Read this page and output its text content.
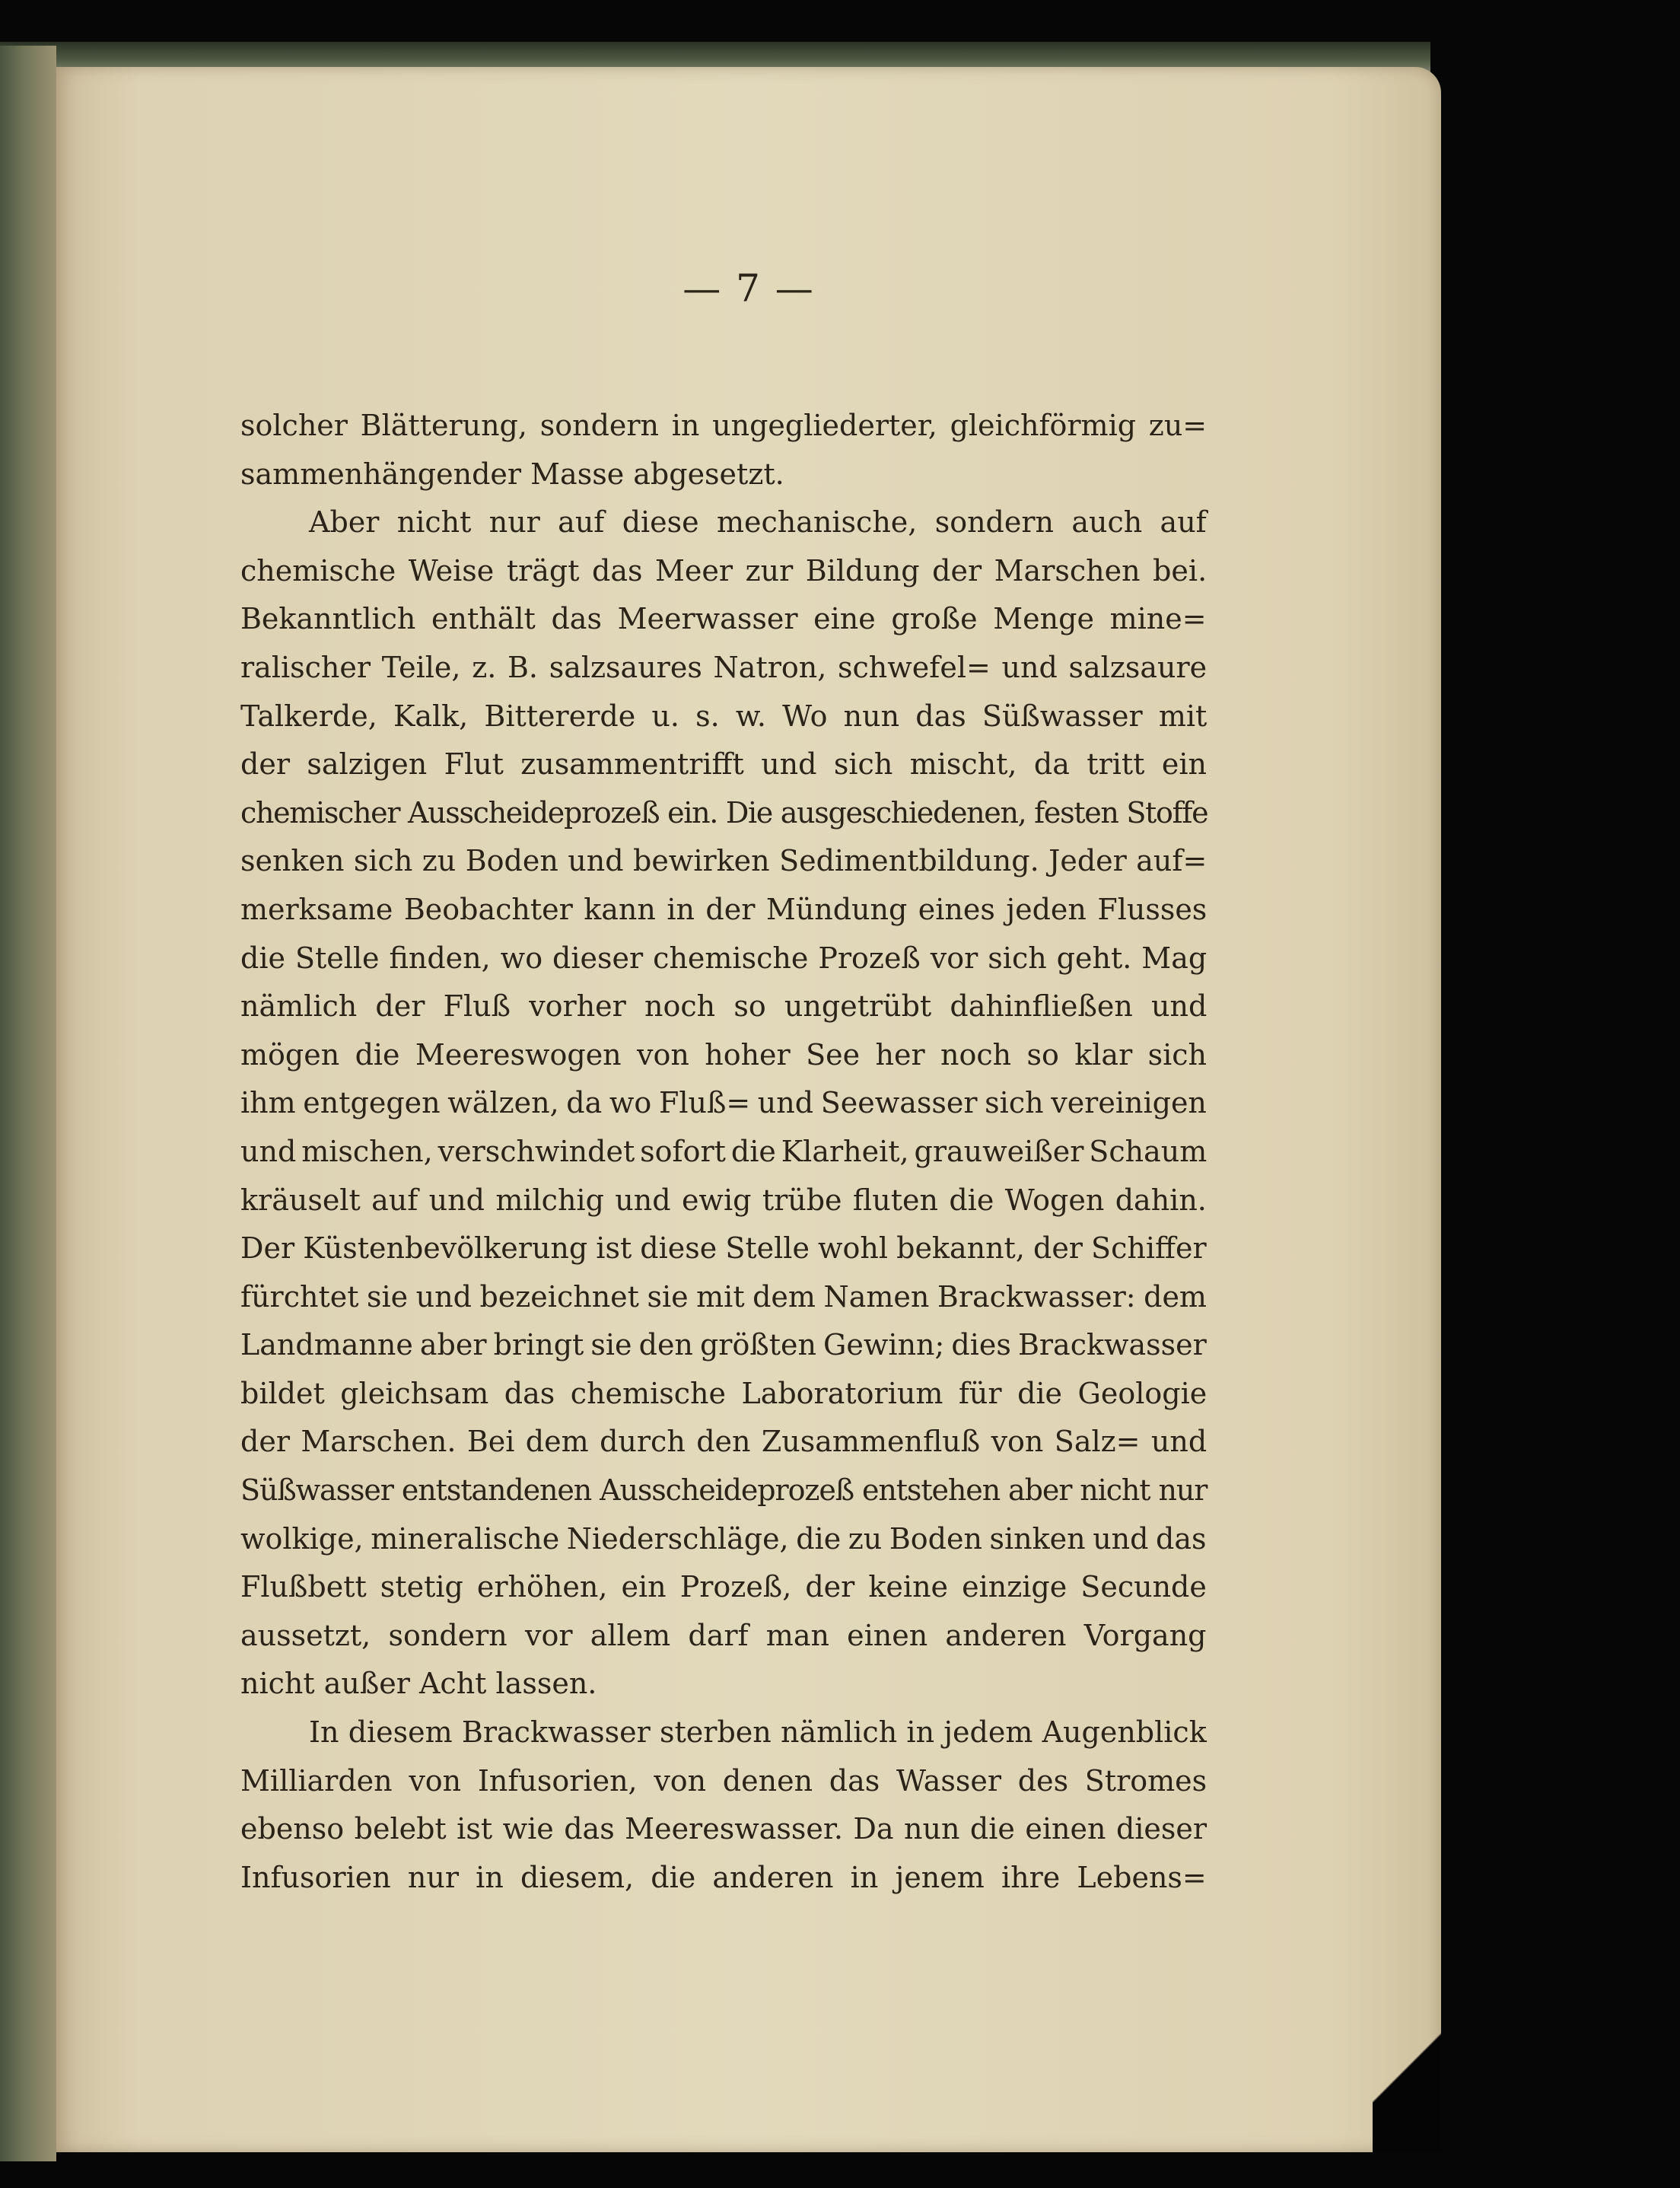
— 7 —
solcher Blätterung, sondern in ungegliederter, gleichförmig zu=
sammenhängender Masse abgesetzt.
Aber nicht nur auf diese mechanische, sondern auch auf
chemische Weise trägt das Meer zur Bildung der Marschen bei.
Bekanntlich enthält das Meerwasser eine große Menge mine=
ralischer Teile, z. B. salzsaures Natron, schwefel= und salzsaure
Talkerde, Kalk, Bittererde u. s. w. Wo nun das Süßwasser mit
der salzigen Flut zusammentrifft und sich mischt, da tritt ein
chemischer Ausscheideprozeß ein. Die ausgeschiedenen, festen Stoffe
senken sich zu Boden und bewirken Sedimentbildung. Jeder auf=
merksame Beobachter kann in der Mündung eines jeden Flusses
die Stelle finden, wo dieser chemische Prozeß vor sich geht. Mag
nämlich der Fluß vorher noch so ungetrübt dahinfließen und
mögen die Meereswogen von hoher See her noch so klar sich
ihm entgegen wälzen, da wo Fluß= und Seewasser sich vereinigen
und mischen, verschwindet sofort die Klarheit, grauweißer Schaum
kräuselt auf und milchig und ewig trübe fluten die Wogen dahin.
Der Küstenbevölkerung ist diese Stelle wohl bekannt, der Schiffer
fürchtet sie und bezeichnet sie mit dem Namen Brackwasser: dem
Landmanne aber bringt sie den größten Gewinn; dies Brackwasser
bildet gleichsam das chemische Laboratorium für die Geologie
der Marschen. Bei dem durch den Zusammenfluß von Salz= und
Süßwasser entstandenen Ausscheideprozeß entstehen aber nicht nur
wolkige, mineralische Niederschläge, die zu Boden sinken und das
Flußbett stetig erhöhen, ein Prozeß, der keine einzige Secunde
aussetzt, sondern vor allem darf man einen anderen Vorgang
nicht außer Acht lassen.
In diesem Brackwasser sterben nämlich in jedem Augenblick
Milliarden von Infusorien, von denen das Wasser des Stromes
ebenso belebt ist wie das Meereswasser. Da nun die einen dieser
Infusorien nur in diesem, die anderen in jenem ihre Lebens=
